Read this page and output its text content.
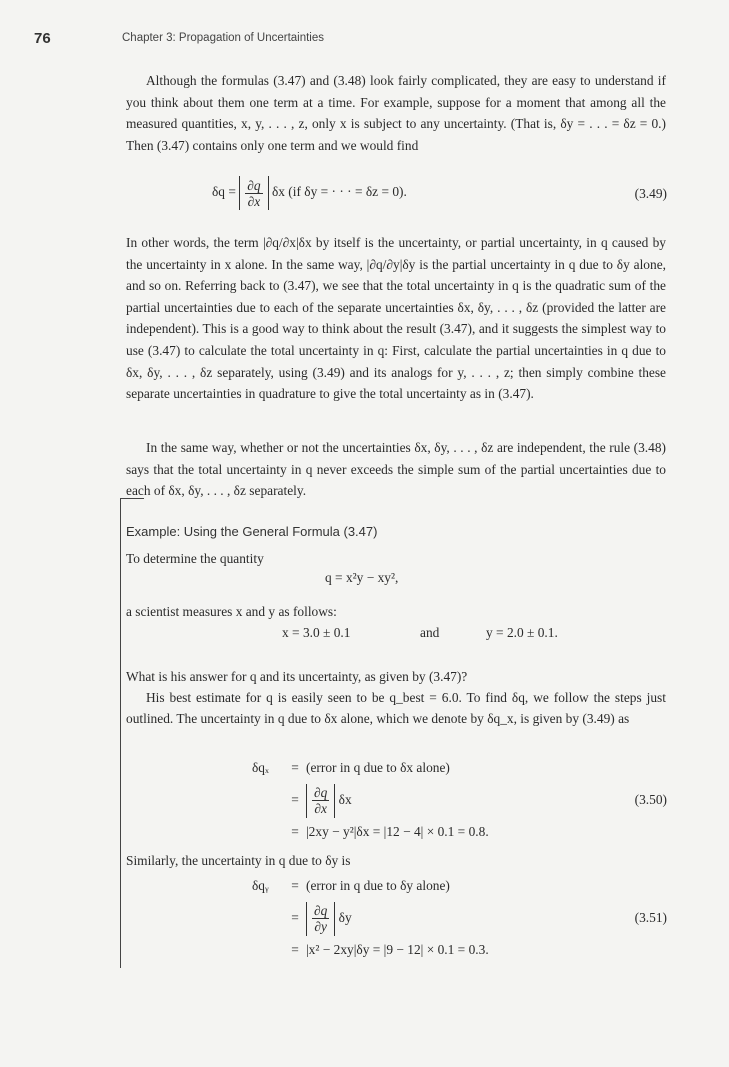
76	Chapter 3: Propagation of Uncertainties

Although the formulas (3.47) and (3.48) look fairly complicated, they are easy to understand if you think about them one term at a time. For example, suppose for a moment that among all the measured quantities, x, y, . . . , z, only x is subject to any uncertainty. (That is, δy = . . . = δz = 0.) Then (3.47) contains only one term and we would find

$\delta q = \frac{\partial q}{\partial x}$ δx (if δy = · · · = δz = 0).	(3.49)

In other words, the term |∂q/∂x|δx by itself is the uncertainty, or partial uncertainty, in q caused by the uncertainty in x alone. In the same way, |∂q/∂y|δy is the partial uncertainty in q due to δy alone, and so on. Referring back to (3.47), we see that the total uncertainty in q is the quadratic sum of the partial uncertainties due to each of the separate uncertainties δx, δy, . . . , δz (provided the latter are independent). This is a good way to think about the result (3.47), and it suggests the simplest way to use (3.47) to calculate the total uncertainty in q: First, calculate the partial uncertainties in q due to δx, δy, . . . , δz separately, using (3.49) and its analogs for y, . . . , z; then simply combine these separate uncertainties in quadrature to give the total uncertainty as in (3.47).

In the same way, whether or not the uncertainties δx, δy, . . . , δz are independent, the rule (3.48) says that the total uncertainty in q never exceeds the simple sum of the partial uncertainties due to each of δx, δy, . . . , δz separately.

Example: Using the General Formula (3.47)

To determine the quantity

q = x²y − xy²,

a scientist measures x and y as follows:

x = 3.0 ± 0.1	and	y = 2.0 ± 0.1.

What is his answer for q and its uncertainty, as given by (3.47)?

His best estimate for q is easily seen to be q_best = 6.0. To find δq, we follow the steps just outlined. The uncertainty in q due to δx alone, which we denote by δq_x, is given by (3.49) as

δqₓ	= (error in q due to δx alone)
= $\frac{\partial q}{\partial x}$ δx
= |2xy − y²|δx = |12 − 4| × 0.1 = 0.8.
(3.50)

Similarly, the uncertainty in q due to δy is

δqᵧ	= (error in q due to δy alone)
= $\frac{\partial q}{\partial y}$ δy
= |x² − 2xy|δy = |9 − 12| × 0.1 = 0.3.
(3.51)
